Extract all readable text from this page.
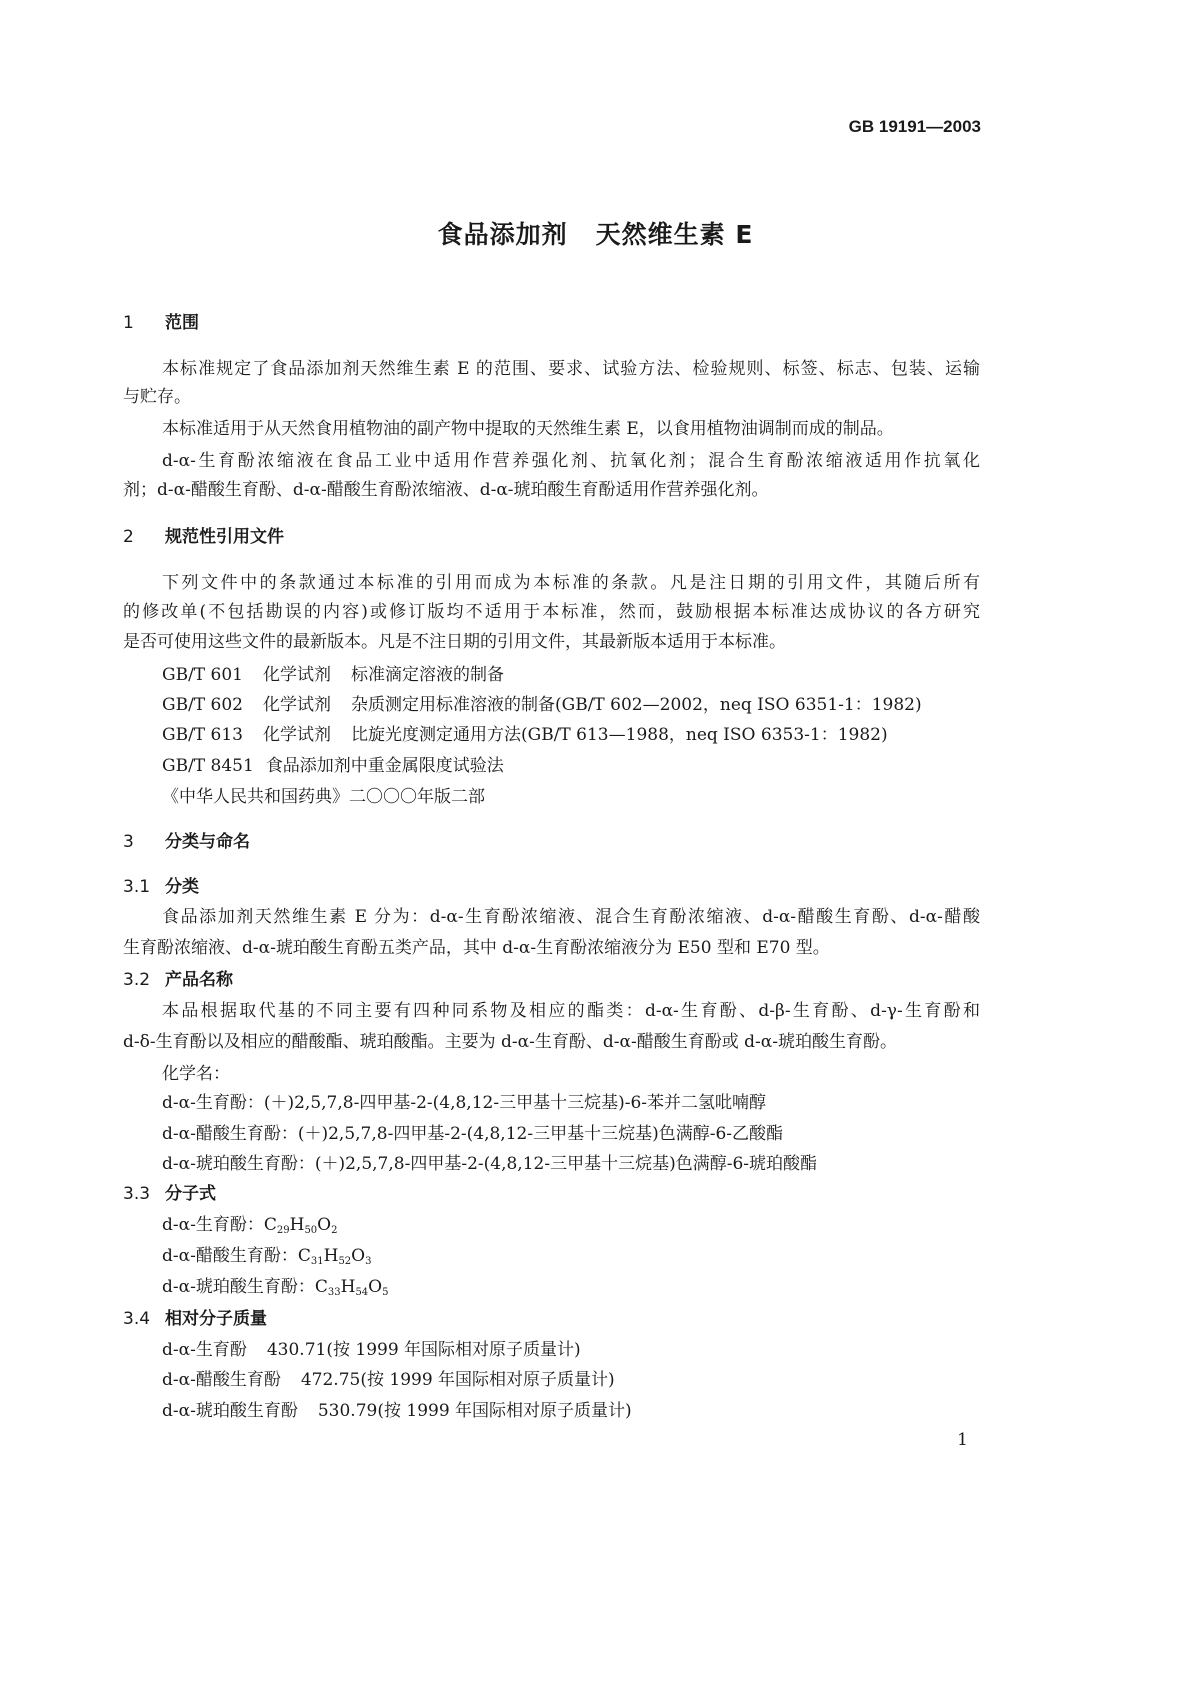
GB 19191—2003
食品添加剂 天然维生素 E
1 范围
本标准规定了食品添加剂天然维生素 E 的范围、要求、试验方法、检验规则、标签、标志、包装、运输
与贮存。
本标准适用于从天然食用植物油的副产物中提取的天然维生素 E，以食用植物油调制而成的制品。
d-α-生育酚浓缩液在食品工业中适用作营养强化剂、抗氧化剂；混合生育酚浓缩液适用作抗氧化
剂；d-α-醋酸生育酚、d-α-醋酸生育酚浓缩液、d-α-琥珀酸生育酚适用作营养强化剂。
2 规范性引用文件
下列文件中的条款通过本标准的引用而成为本标准的条款。凡是注日期的引用文件，其随后所有
的修改单(不包括勘误的内容)或修订版均不适用于本标准，然而，鼓励根据本标准达成协议的各方研究
是否可使用这些文件的最新版本。凡是不注日期的引用文件，其最新版本适用于本标准。
GB/T 601 化学试剂 标准滴定溶液的制备
GB/T 602 化学试剂 杂质测定用标准溶液的制备(GB/T 602—2002，neq ISO 6351-1：1982)
GB/T 613 化学试剂 比旋光度测定通用方法(GB/T 613—1988，neq ISO 6353-1：1982)
GB/T 8451 食品添加剂中重金属限度试验法
《中华人民共和国药典》二〇〇〇年版二部
3 分类与命名
3.1 分类
食品添加剂天然维生素 E 分为：d-α-生育酚浓缩液、混合生育酚浓缩液、d-α-醋酸生育酚、d-α-醋酸
生育酚浓缩液、d-α-琥珀酸生育酚五类产品，其中 d-α-生育酚浓缩液分为 E50 型和 E70 型。
3.2 产品名称
本品根据取代基的不同主要有四种同系物及相应的酯类：d-α-生育酚、d-β-生育酚、d-γ-生育酚和
d-δ-生育酚以及相应的醋酸酯、琥珀酸酯。主要为 d-α-生育酚、d-α-醋酸生育酚或 d-α-琥珀酸生育酚。
化学名：
d-α-生育酚：(＋)2,5,7,8-四甲基-2-(4,8,12-三甲基十三烷基)-6-苯并二氢吡喃醇
d-α-醋酸生育酚：(＋)2,5,7,8-四甲基-2-(4,8,12-三甲基十三烷基)色满醇-6-乙酸酯
d-α-琥珀酸生育酚：(＋)2,5,7,8-四甲基-2-(4,8,12-三甲基十三烷基)色满醇-6-琥珀酸酯
3.3 分子式
d-α-生育酚：$C_{29}H_{50}O_2$
d-α-醋酸生育酚：$C_{31}H_{52}O_3$
d-α-琥珀酸生育酚：$C_{33}H_{54}O_5$
3.4 相对分子质量
d-α-生育酚 430.71(按 1999 年国际相对原子质量计)
d-α-醋酸生育酚 472.75(按 1999 年国际相对原子质量计)
d-α-琥珀酸生育酚 530.79(按 1999 年国际相对原子质量计)
1
